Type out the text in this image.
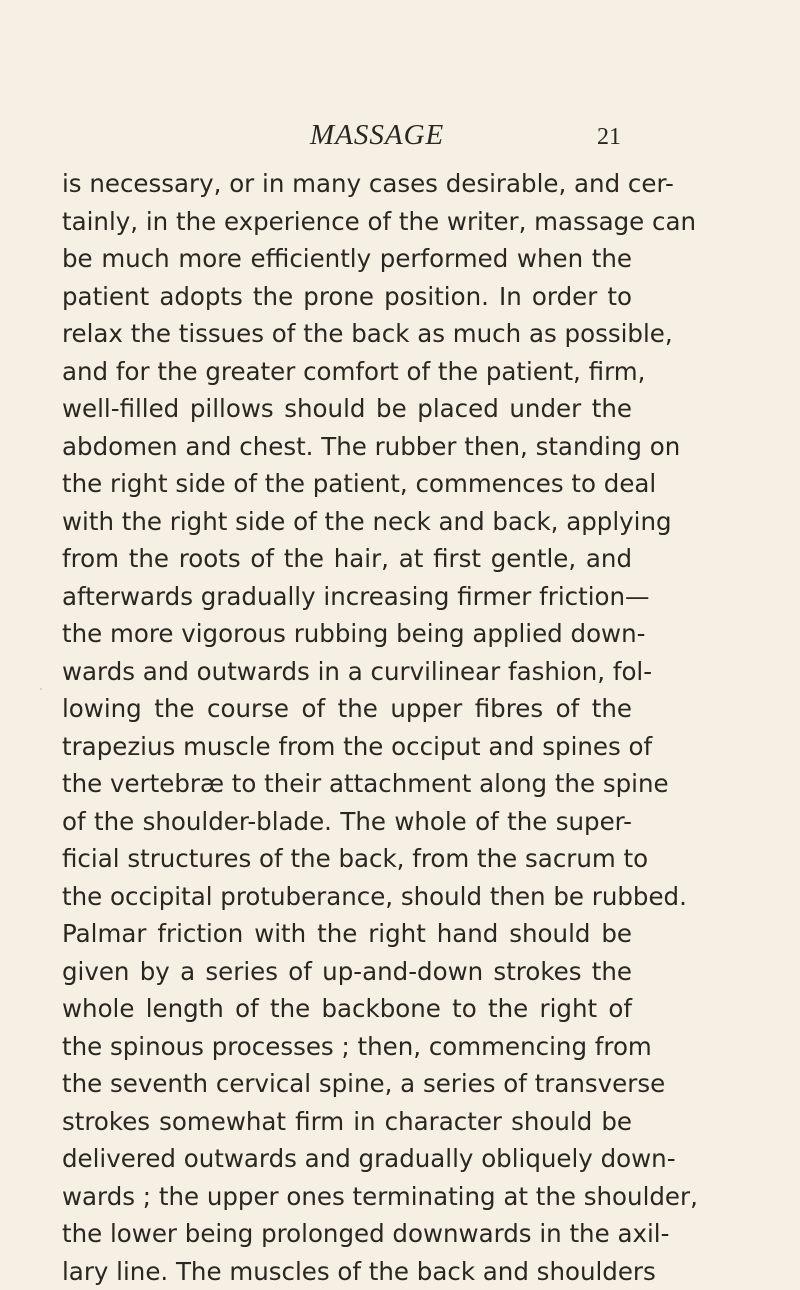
MASSAGE	21
is necessary, or in many cases desirable, and cer-
tainly, in the experience of the writer, massage can
be much more efficiently performed when the
patient adopts the prone position. In order to
relax the tissues of the back as much as possible,
and for the greater comfort of the patient, firm,
well-filled pillows should be placed under the
abdomen and chest. The rubber then, standing on
the right side of the patient, commences to deal
with the right side of the neck and back, applying
from the roots of the hair, at first gentle, and
afterwards gradually increasing firmer friction—
the more vigorous rubbing being applied down-
wards and outwards in a curvilinear fashion, fol-
lowing the course of the upper fibres of the
trapezius muscle from the occiput and spines of
the vertebræ to their attachment along the spine
of the shoulder-blade. The whole of the super-
ficial structures of the back, from the sacrum to
the occipital protuberance, should then be rubbed.
Palmar friction with the right hand should be
given by a series of up-and-down strokes the
whole length of the backbone to the right of
the spinous processes ; then, commencing from
the seventh cervical spine, a series of transverse
strokes somewhat firm in character should be
delivered outwards and gradually obliquely down-
wards ; the upper ones terminating at the shoulder,
the lower being prolonged downwards in the axil-
lary line. The muscles of the back and shoulders
